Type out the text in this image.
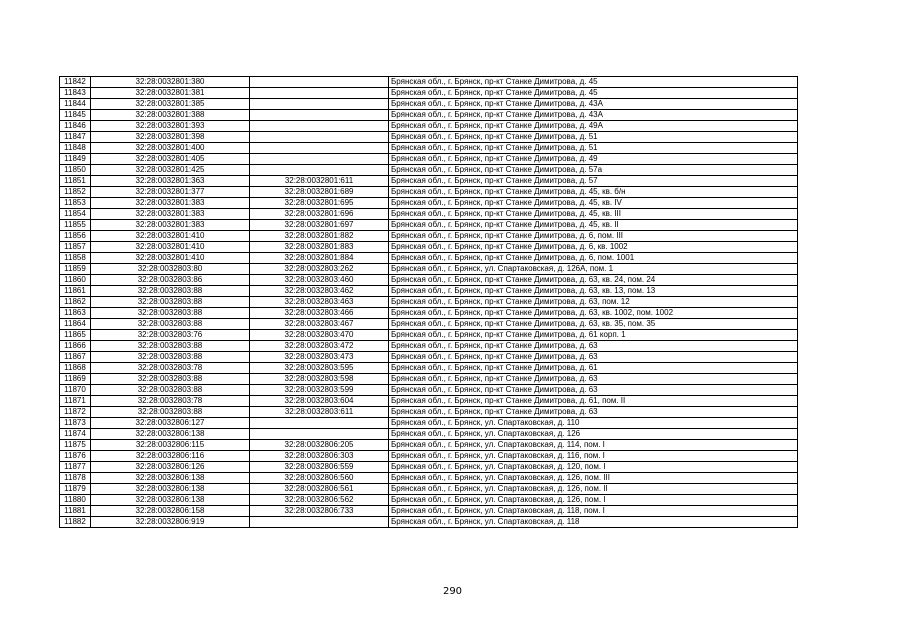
11842	32:28:0032801:380		Брянская обл., г. Брянск, пр-кт Станке Димитрова, д. 45
11843	32:28:0032801:381		Брянская обл., г. Брянск, пр-кт Станке Димитрова, д. 45
11844	32:28:0032801:385		Брянская обл., г. Брянск, пр-кт Станке Димитрова, д. 43А
11845	32:28:0032801:388		Брянская обл., г. Брянск, пр-кт Станке Димитрова, д. 43А
11846	32:28:0032801:393		Брянская обл., г. Брянск, пр-кт Станке Димитрова, д. 49А
11847	32:28:0032801:398		Брянская обл., г. Брянск, пр-кт Станке Димитрова, д. 51
11848	32:28:0032801:400		Брянская обл., г. Брянск, пр-кт Станке Димитрова, д. 51
11849	32:28:0032801:405		Брянская обл., г. Брянск, пр-кт Станке Димитрова, д. 49
11850	32:28:0032801:425		Брянская обл., г. Брянск, пр-кт Станке Димитрова, д. 57а
11851	32:28:0032801:363	32:28:0032801:611	Брянская обл., г. Брянск, пр-кт Станке Димитрова, д. 57
11852	32:28:0032801:377	32:28:0032801:689	Брянская обл., г. Брянск, пр-кт Станке Димитрова, д. 45, кв. б/н
11853	32:28:0032801:383	32:28:0032801:695	Брянская обл., г. Брянск, пр-кт Станке Димитрова, д. 45, кв. IV
11854	32:28:0032801:383	32:28:0032801:696	Брянская обл., г. Брянск, пр-кт Станке Димитрова, д. 45, кв. III
11855	32:28:0032801:383	32:28:0032801:697	Брянская обл., г. Брянск, пр-кт Станке Димитрова, д. 45, кв. II
11856	32:28:0032801:410	32:28:0032801:882	Брянская обл., г. Брянск, пр-кт Станке Димитрова, д. 6, пом. III
11857	32:28:0032801:410	32:28:0032801:883	Брянская обл., г. Брянск, пр-кт Станке Димитрова, д. 6, кв. 1002
11858	32:28:0032801:410	32:28:0032801:884	Брянская обл., г. Брянск, пр-кт Станке Димитрова, д. 6, пом. 1001
11859	32:28:0032803:80	32:28:0032803:262	Брянская обл., г. Брянск, ул. Спартаковская, д. 126А, пом. 1
11860	32:28:0032803:86	32:28:0032803:460	Брянская обл., г. Брянск, пр-кт Станке Димитрова, д. 63, кв. 24, пом. 24
11861	32:28:0032803:88	32:28:0032803:462	Брянская обл., г. Брянск, пр-кт Станке Димитрова, д. 63, кв. 13, пом. 13
11862	32:28:0032803:88	32:28:0032803:463	Брянская обл., г. Брянск, пр-кт Станке Димитрова, д. 63, пом. 12
11863	32:28:0032803:88	32:28:0032803:466	Брянская обл., г. Брянск, пр-кт Станке Димитрова, д. 63, кв. 1002, пом. 1002
11864	32:28:0032803:88	32:28:0032803:467	Брянская обл., г. Брянск, пр-кт Станке Димитрова, д. 63, кв. 35, пом. 35
11865	32:28:0032803:76	32:28:0032803:470	Брянская обл., г. Брянск, пр-кт Станке Димитрова, д. 61 корп. 1
11866	32:28:0032803:88	32:28:0032803:472	Брянская обл., г. Брянск, пр-кт Станке Димитрова, д. 63
11867	32:28:0032803:88	32:28:0032803:473	Брянская обл., г. Брянск, пр-кт Станке Димитрова, д. 63
11868	32:28:0032803:78	32:28:0032803:595	Брянская обл., г. Брянск, пр-кт Станке Димитрова, д. 61
11869	32:28:0032803:88	32:28:0032803:598	Брянская обл., г. Брянск, пр-кт Станке Димитрова, д. 63
11870	32:28:0032803:88	32:28:0032803:599	Брянская обл., г. Брянск, пр-кт Станке Димитрова, д. 63
11871	32:28:0032803:78	32:28:0032803:604	Брянская обл., г. Брянск, пр-кт Станке Димитрова, д. 61, пом. II
11872	32:28:0032803:88	32:28:0032803:611	Брянская обл., г. Брянск, пр-кт Станке Димитрова, д. 63
11873	32:28:0032806:127		Брянская обл., г. Брянск, ул. Спартаковская, д. 110
11874	32:28:0032806:138		Брянская обл., г. Брянск, ул. Спартаковская, д. 126
11875	32:28:0032806:115	32:28:0032806:205	Брянская обл., г. Брянск, ул. Спартаковская, д. 114, пом. I
11876	32:28:0032806:116	32:28:0032806:303	Брянская обл., г. Брянск, ул. Спартаковская, д. 116, пом. I
11877	32:28:0032806:126	32:28:0032806:559	Брянская обл., г. Брянск, ул. Спартаковская, д. 120, пом. I
11878	32:28:0032806:138	32:28:0032806:560	Брянская обл., г. Брянск, ул. Спартаковская, д. 126, пом. III
11879	32:28:0032806:138	32:28:0032806:561	Брянская обл., г. Брянск, ул. Спартаковская, д. 126, пом. II
11880	32:28:0032806:138	32:28:0032806:562	Брянская обл., г. Брянск, ул. Спартаковская, д. 126, пом. I
11881	32:28:0032806:158	32:28:0032806:733	Брянская обл., г. Брянск, ул. Спартаковская, д. 118, пом. I
11882	32:28:0032806:919		Брянская обл., г. Брянск, ул. Спартаковская, д. 118
290
